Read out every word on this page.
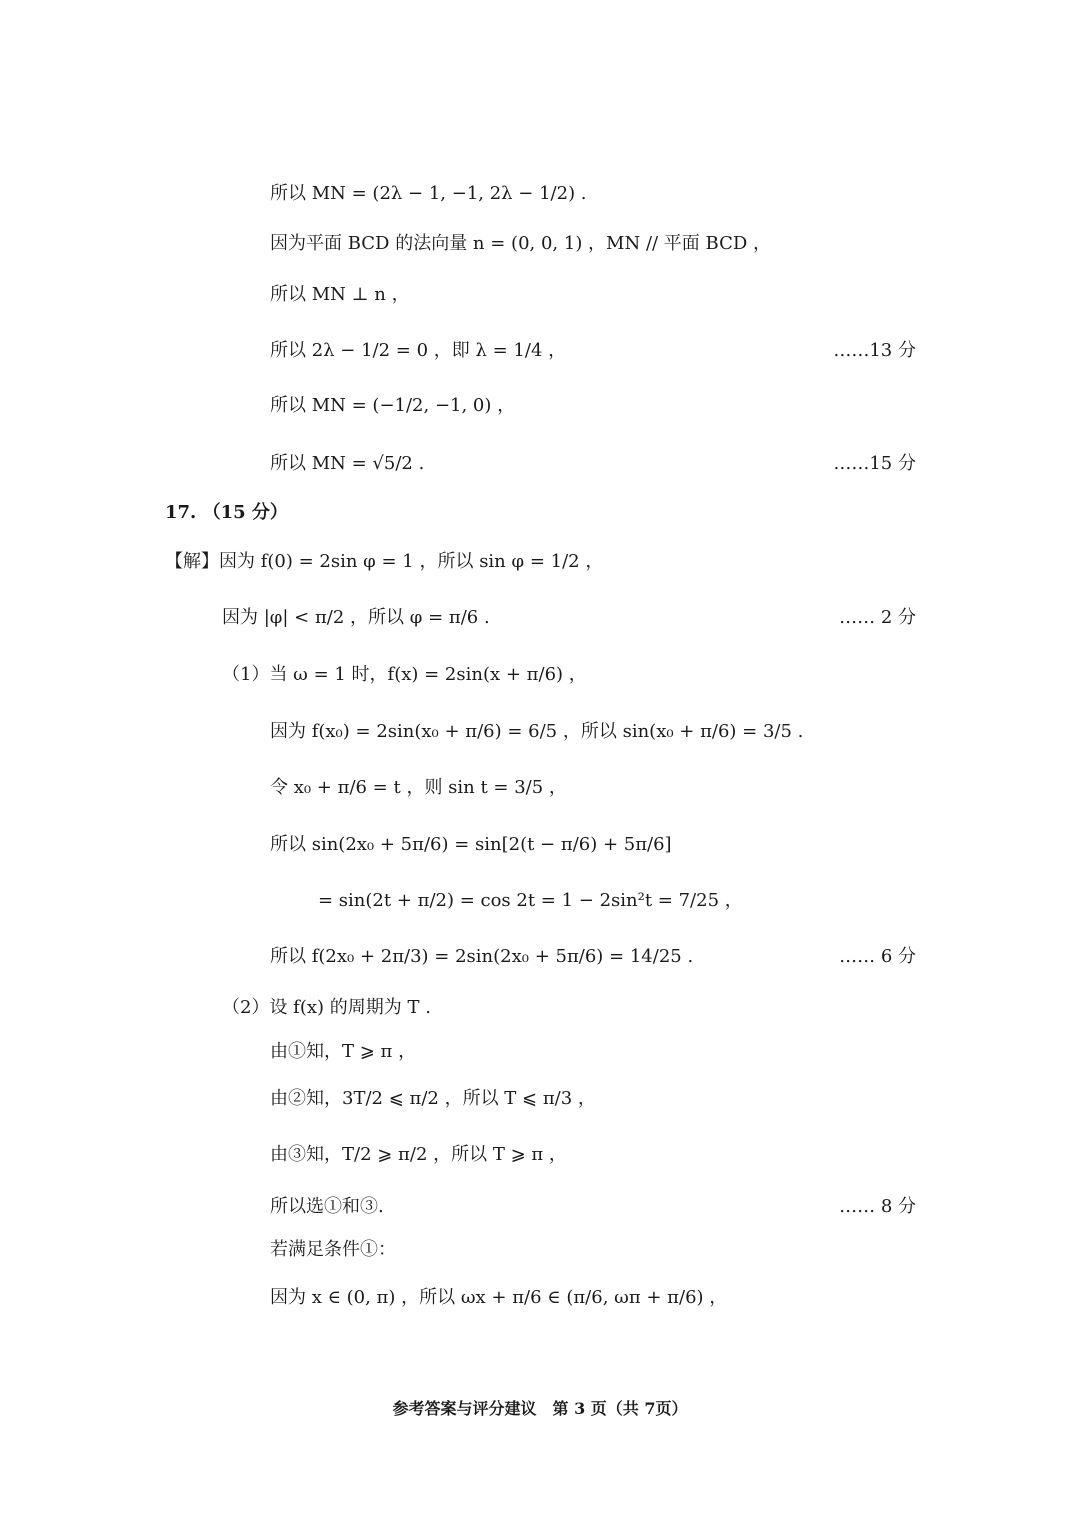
所以 MN = (2λ − 1, −1, 2λ − 1/2) .
因为平面 BCD 的法向量 n = (0, 0, 1) ，MN // 平面 BCD ，
所以 MN ⊥ n ，
所以 2λ − 1/2 = 0 ，即 λ = 1/4 ，	……13 分
所以 MN = (−1/2, −1, 0) ，
所以 MN = √5/2 .	……15 分
17. （15 分）
【解】因为 f(0) = 2sin φ = 1 ，所以 sin φ = 1/2 ，
因为 |φ| < π/2 ，所以 φ = π/6 .	…… 2 分
（1）当 ω = 1 时，f(x) = 2sin(x + π/6) ，
因为 f(x₀) = 2sin(x₀ + π/6) = 6/5 ，所以 sin(x₀ + π/6) = 3/5 .
令 x₀ + π/6 = t ，则 sin t = 3/5 ，
所以 sin(2x₀ + 5π/6) = sin[2(t − π/6) + 5π/6]
= sin(2t + π/2) = cos 2t = 1 − 2sin²t = 7/25 ，
所以 f(2x₀ + 2π/3) = 2sin(2x₀ + 5π/6) = 14/25 .	…… 6 分
（2）设 f(x) 的周期为 T .
由①知，T ⩾ π ，
由②知，3T/2 ⩽ π/2 ，所以 T ⩽ π/3 ，
由③知，T/2 ⩾ π/2 ，所以 T ⩾ π ，
所以选①和③.	…… 8 分
若满足条件①：
因为 x ∈ (0, π) ，所以 ωx + π/6 ∈ (π/6, ωπ + π/6) ，
参考答案与评分建议　第 3 页（共 7页）
